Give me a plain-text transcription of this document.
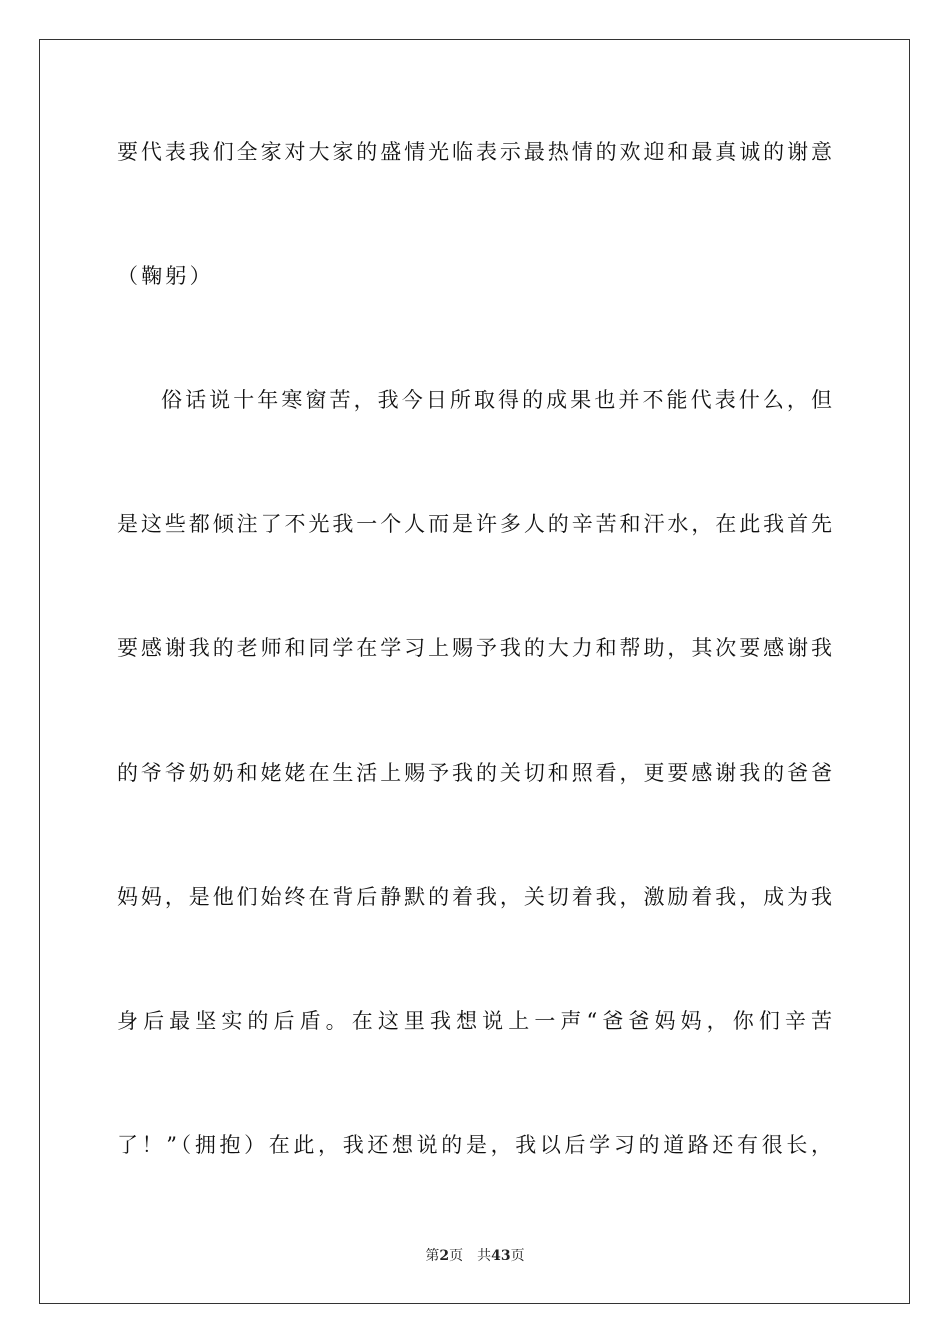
要代表我们全家对大家的盛情光临表示最热情的欢迎和最真诚的谢意
（鞠躬）
俗话说十年寒窗苦，我今日所取得的成果也并不能代表什么，但
是这些都倾注了不光我一个人而是许多人的辛苦和汗水，在此我首先
要感谢我的老师和同学在学习上赐予我的大力和帮助，其次要感谢我
的爷爷奶奶和姥姥在生活上赐予我的关切和照看，更要感谢我的爸爸
妈妈，是他们始终在背后静默的着我，关切着我，激励着我，成为我
身后最坚实的后盾。在这里我想说上一声“爸爸妈妈，你们辛苦
了！”（拥抱）在此，我还想说的是，我以后学习的道路还有很长，
第2页 共43页
